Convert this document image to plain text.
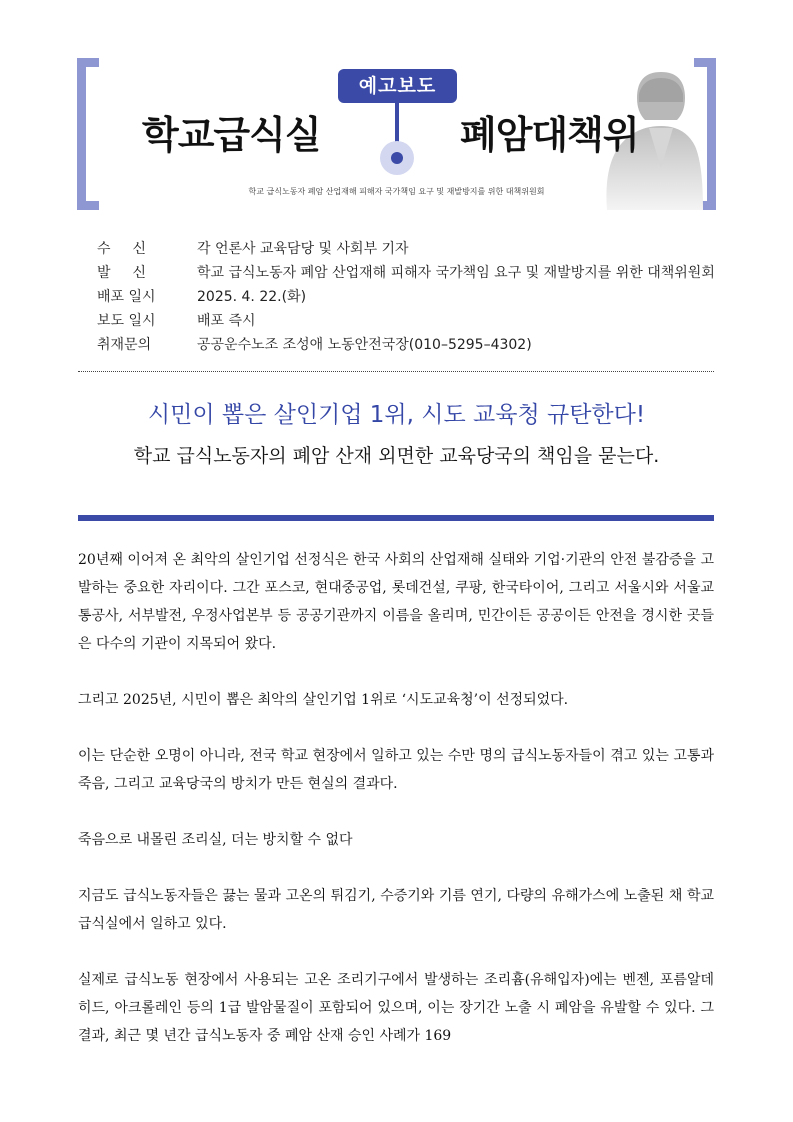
예고보도
학교급식실	폐암대책위
학교 급식노동자 폐암 산업재해 피해자 국가책임 요구 및 재발방지를 위한 대책위원회
수신	각 언론사 교육담당 및 사회부 기자
발신	학교 급식노동자 폐암 산업재해 피해자 국가책임 요구 및 재발방지를 위한 대책위원회
배포 일시	2025. 4. 22.(화)
보도 일시	배포 즉시
취재문의	공공운수노조 조성애 노동안전국장(010–5295–4302)
시민이 뽑은 살인기업 1위, 시도 교육청 규탄한다!
학교 급식노동자의 폐암 산재 외면한 교육당국의 책임을 묻는다.

20년째 이어져 온 최악의 살인기업 선정식은 한국 사회의 산업재해 실태와 기업·기관의 안전 불감증을 고발하는 중요한 자리이다. 그간 포스코, 현대중공업, 롯데건설, 쿠팡, 한국타이어, 그리고 서울시와 서울교통공사, 서부발전, 우정사업본부 등 공공기관까지 이름을 올리며, 민간이든 공공이든 안전을 경시한 곳들은 다수의 기관이 지목되어 왔다.

그리고 2025년, 시민이 뽑은 최악의 살인기업 1위로 ‘시도교육청’이 선정되었다.

이는 단순한 오명이 아니라, 전국 학교 현장에서 일하고 있는 수만 명의 급식노동자들이 겪고 있는 고통과 죽음, 그리고 교육당국의 방치가 만든 현실의 결과다.

죽음으로 내몰린 조리실, 더는 방치할 수 없다

지금도 급식노동자들은 끓는 물과 고온의 튀김기, 수증기와 기름 연기, 다량의 유해가스에 노출된 채 학교 급식실에서 일하고 있다.

실제로 급식노동 현장에서 사용되는 고온 조리기구에서 발생하는 조리흄(유해입자)에는 벤젠, 포름알데히드, 아크롤레인 등의 1급 발암물질이 포함되어 있으며, 이는 장기간 노출 시 폐암을 유발할 수 있다. 그 결과, 최근 몇 년간 급식노동자 중 폐암 산재 승인 사례가 169
